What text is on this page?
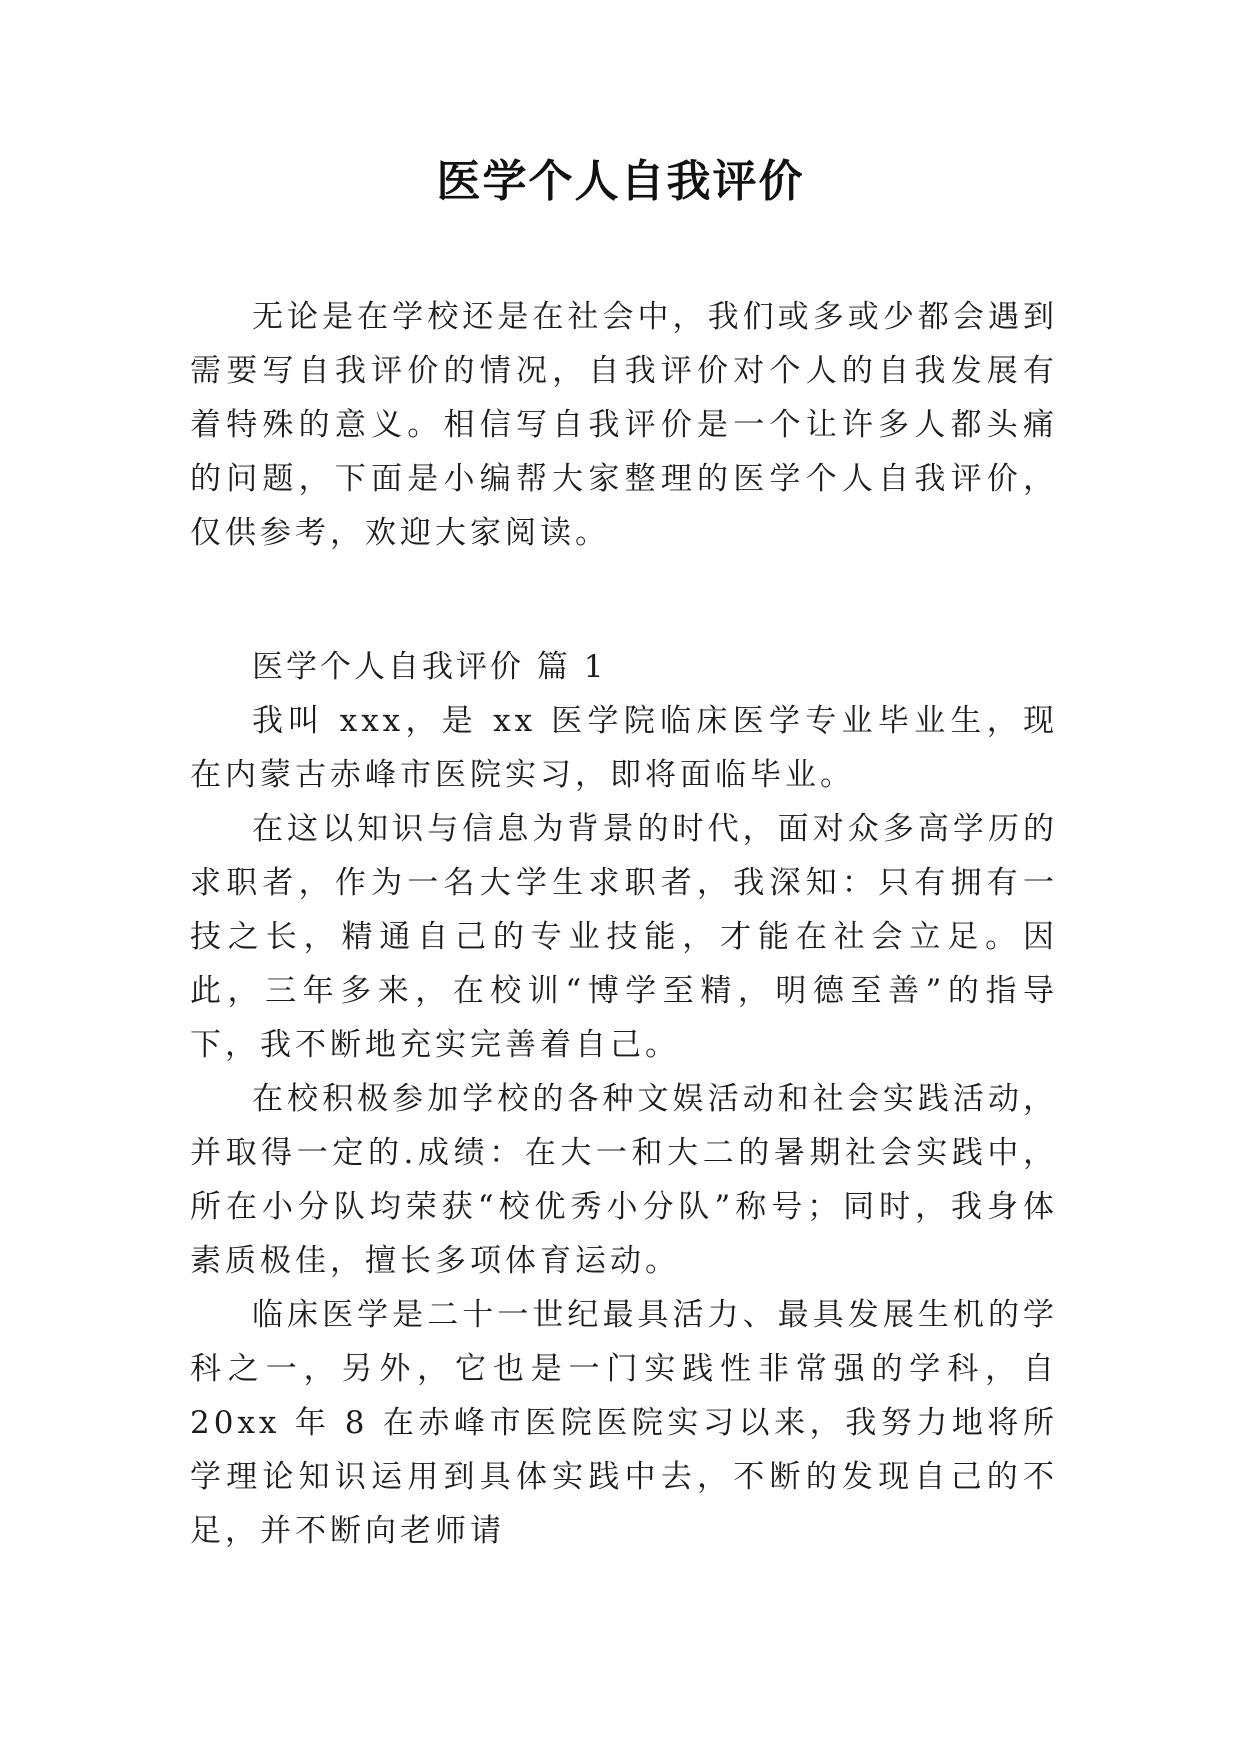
医学个人自我评价

无论是在学校还是在社会中，我们或多或少都会遇到需要写自我评价的情况，自我评价对个人的自我发展有着特殊的意义。相信写自我评价是一个让许多人都头痛的问题，下面是小编帮大家整理的医学个人自我评价，仅供参考，欢迎大家阅读。

医学个人自我评价 篇 1

我叫 xxx，是 xx 医学院临床医学专业毕业生，现在内蒙古赤峰市医院实习，即将面临毕业。

在这以知识与信息为背景的时代，面对众多高学历的求职者，作为一名大学生求职者，我深知：只有拥有一技之长，精通自己的专业技能，才能在社会立足。因此，三年多来，在校训“博学至精，明德至善”的指导下，我不断地充实完善着自己。

在校积极参加学校的各种文娱活动和社会实践活动，并取得一定的.成绩：在大一和大二的暑期社会实践中，所在小分队均荣获“校优秀小分队”称号；同时，我身体素质极佳，擅长多项体育运动。

临床医学是二十一世纪最具活力、最具发展生机的学科之一，另外，它也是一门实践性非常强的学科，自 20xx 年 8 在赤峰市医院医院实习以来，我努力地将所学理论知识运用到具体实践中去，不断的发现自己的不足，并不断向老师请
